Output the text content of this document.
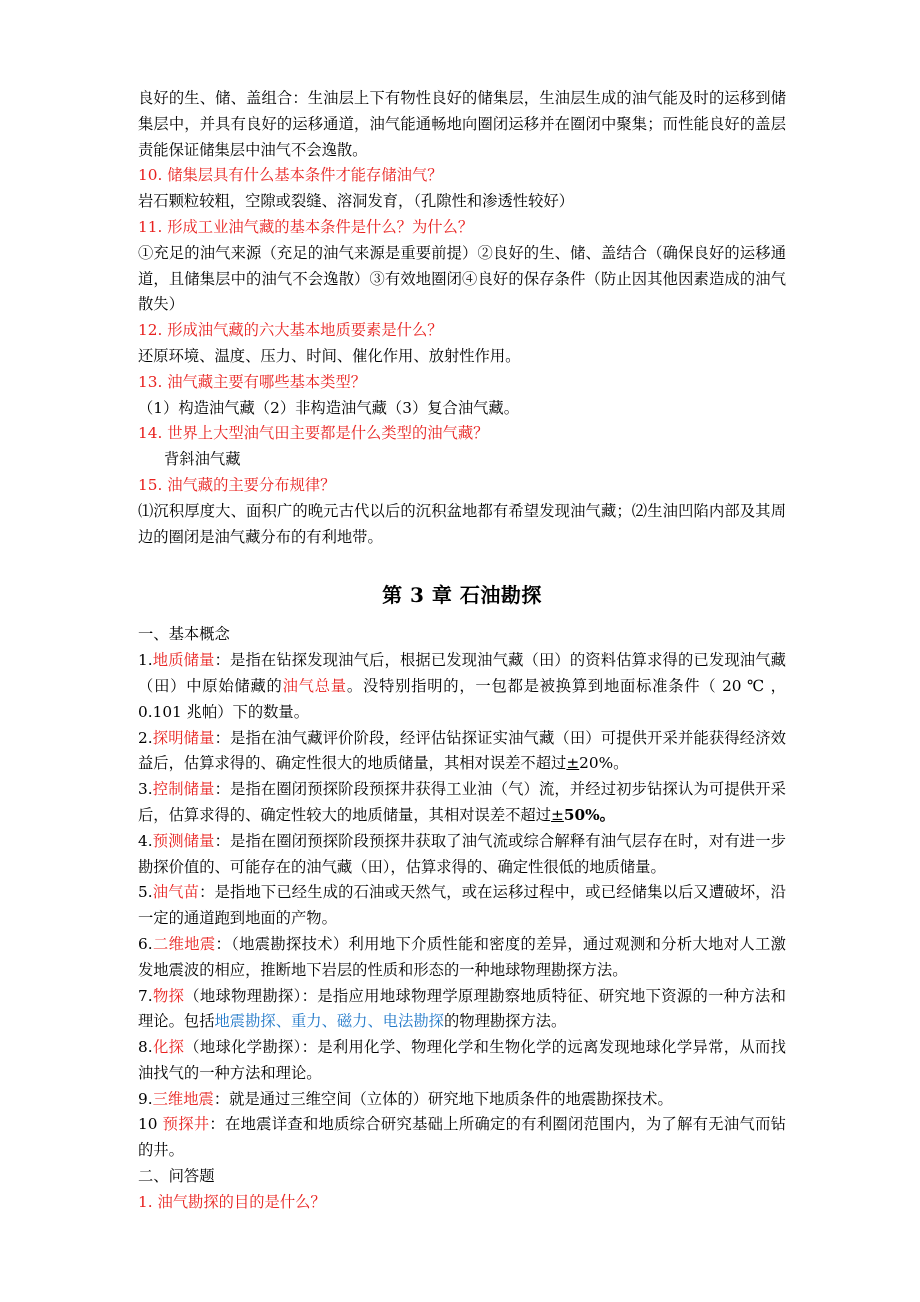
良好的生、储、盖组合：生油层上下有物性良好的储集层，生油层生成的油气能及时的运移到储集层中，并具有良好的运移通道，油气能通畅地向圈闭运移并在圈闭中聚集；而性能良好的盖层责能保证储集层中油气不会逸散。

10. 储集层具有什么基本条件才能存储油气？

岩石颗粒较粗，空隙或裂缝、溶洞发育，（孔隙性和渗透性较好）

11. 形成工业油气藏的基本条件是什么？为什么？

①充足的油气来源（充足的油气来源是重要前提）②良好的生、储、盖结合（确保良好的运移通道，且储集层中的油气不会逸散）③有效地圈闭④良好的保存条件（防止因其他因素造成的油气散失）

12. 形成油气藏的六大基本地质要素是什么？

还原环境、温度、压力、时间、催化作用、放射性作用。

13. 油气藏主要有哪些基本类型？

（1）构造油气藏（2）非构造油气藏（3）复合油气藏。

14. 世界上大型油气田主要都是什么类型的油气藏？

背斜油气藏

15. 油气藏的主要分布规律？

⑴沉积厚度大、面积广的晚元古代以后的沉积盆地都有希望发现油气藏；⑵生油凹陷内部及其周边的圈闭是油气藏分布的有利地带。

第 3 章 石油勘探

一、基本概念

1.地质储量：是指在钻探发现油气后，根据已发现油气藏（田）的资料估算求得的已发现油气藏（田）中原始储藏的油气总量。没特别指明的，一包都是被换算到地面标准条件（ 20 ℃ ， 0.101 兆帕）下的数量。

2.探明储量：是指在油气藏评价阶段，经评估钻探证实油气藏（田）可提供开采并能获得经济效益后，估算求得的、确定性很大的地质储量，其相对误差不超过±20%。

3.控制储量：是指在圈闭预探阶段预探井获得工业油（气）流，并经过初步钻探认为可提供开采后，估算求得的、确定性较大的地质储量，其相对误差不超过±50%。

4.预测储量：是指在圈闭预探阶段预探井获取了油气流或综合解释有油气层存在时，对有进一步勘探价值的、可能存在的油气藏（田），估算求得的、确定性很低的地质储量。

5.油气苗：是指地下已经生成的石油或天然气，或在运移过程中，或已经储集以后又遭破坏，沿一定的通道跑到地面的产物。

6.二维地震：（地震勘探技术）利用地下介质性能和密度的差异，通过观测和分析大地对人工激发地震波的相应，推断地下岩层的性质和形态的一种地球物理勘探方法。

7.物探（地球物理勘探）：是指应用地球物理学原理勘察地质特征、研究地下资源的一种方法和理论。包括地震勘探、重力、磁力、电法勘探的物理勘探方法。

8.化探（地球化学勘探）：是利用化学、物理化学和生物化学的远离发现地球化学异常，从而找油找气的一种方法和理论。

9.三维地震：就是通过三维空间（立体的）研究地下地质条件的地震勘探技术。

10 预探井：在地震详查和地质综合研究基础上所确定的有利圈闭范围内，为了解有无油气而钻的井。

二、问答题

1. 油气勘探的目的是什么？
